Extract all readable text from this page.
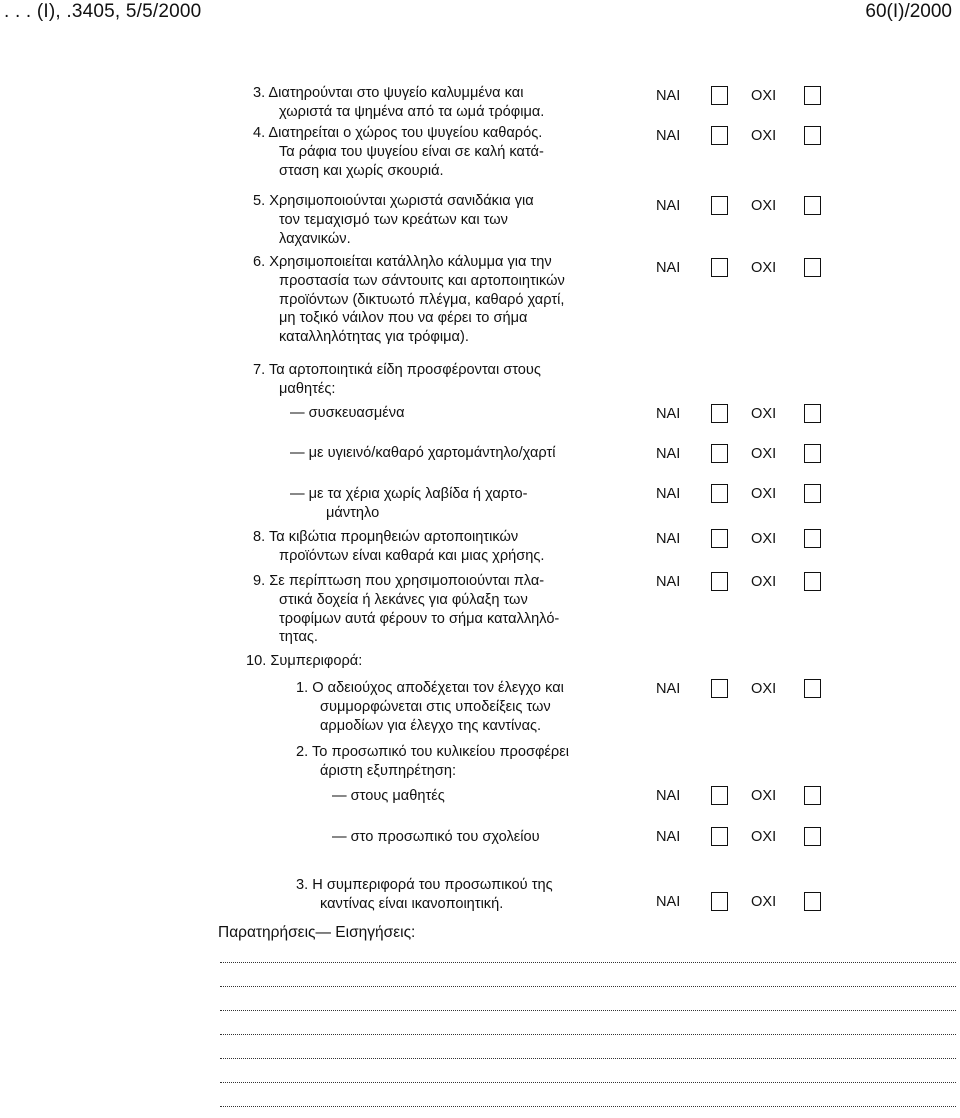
. . . (I), .3405, 5/5/2000	60(I)/2000
3. Διατηρούνται στο ψυγείο καλυμμένα και
χωριστά τα ψημένα από τα ωμά τρόφιμα.
ΝΑΙ	ΟΧΙ
4. Διατηρείται ο χώρος του ψυγείου καθαρός.
Τα ράφια του ψυγείου είναι σε καλή κατά-
σταση και χωρίς σκουριά.
ΝΑΙ	ΟΧΙ
5. Χρησιμοποιούνται χωριστά σανιδάκια για
τον τεμαχισμό των κρεάτων και των
λαχανικών.
ΝΑΙ	ΟΧΙ
6. Χρησιμοποιείται κατάλληλο κάλυμμα για την
προστασία των σάντουιτς και αρτοποιητικών
προϊόντων (δικτυωτό πλέγμα, καθαρό χαρτί,
μη τοξικό νάιλον που να φέρει το σήμα
καταλληλότητας για τρόφιμα).
ΝΑΙ	ΟΧΙ
7. Τα αρτοποιητικά είδη προσφέρονται στους
μαθητές:
— συσκευασμένα	ΝΑΙ	ΟΧΙ
— με υγιεινό/καθαρό χαρτομάντηλο/χαρτί	ΝΑΙ	ΟΧΙ
— με τα χέρια χωρίς λαβίδα ή χαρτο-
μάντηλο
ΝΑΙ	ΟΧΙ
8. Τα κιβώτια προμηθειών αρτοποιητικών
προϊόντων είναι καθαρά και μιας χρήσης.
ΝΑΙ	ΟΧΙ
9. Σε περίπτωση που χρησιμοποιούνται πλα-
στικά δοχεία ή λεκάνες για φύλαξη των
τροφίμων αυτά φέρουν το σήμα καταλληλό-
τητας.
ΝΑΙ	ΟΧΙ
10. Συμπεριφορά:
1. Ο αδειούχος αποδέχεται τον έλεγχο και
συμμορφώνεται στις υποδείξεις των
αρμοδίων για έλεγχο της καντίνας.
ΝΑΙ	ΟΧΙ
2. Το προσωπικό του κυλικείου προσφέρει
άριστη εξυπηρέτηση:
— στους μαθητές	ΝΑΙ	ΟΧΙ
— στο προσωπικό του σχολείου	ΝΑΙ	ΟΧΙ
3. Η συμπεριφορά του προσωπικού της
καντίνας είναι ικανοποιητική.	ΝΑΙ	ΟΧΙ
Παρατηρήσεις— Εισηγήσεις:
